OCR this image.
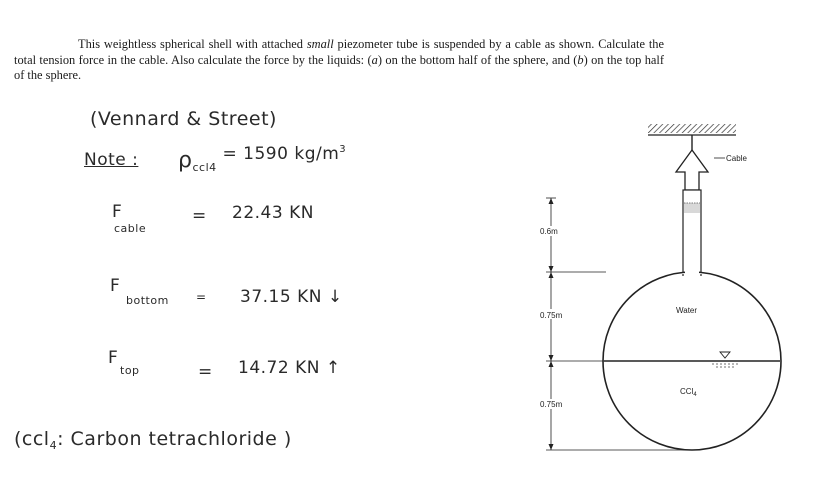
This weightless spherical shell with attached small piezometer tube is suspended by a cable as shown. Calculate the total tension force in the cable. Also calculate the force by the liquids: (a) on the bottom half of the sphere, and (b) on the top half of the sphere.
(Vennard & Street)
Note : $\rho_{ccl4} = 1590$ $kg/m^3$
F
cable
= 22.43 KN
F
bottom = 37.15 KN ↓
F
top	= 14.72 KN ↑
(ccl$_4$: Carbon tetrachloride )
Cable
Water
CCl$_4$
0.6m
0.75m
0.75m
